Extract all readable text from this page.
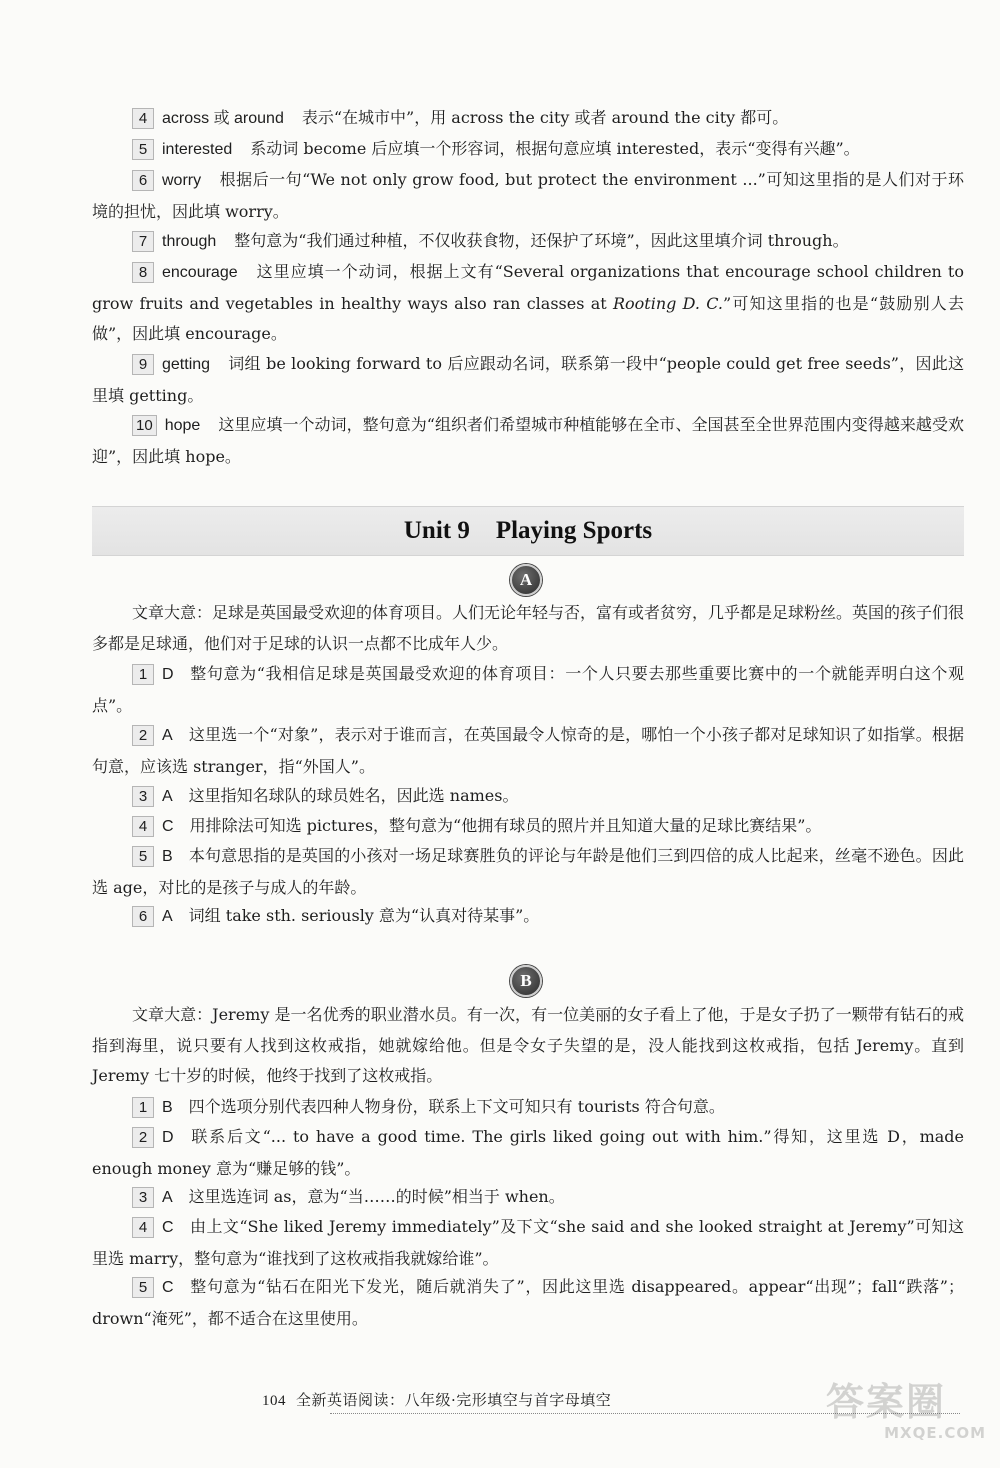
4 across 或 around 表示“在城市中”，用 across the city 或者 around the city 都可。

5 interested 系动词 become 后应填一个形容词，根据句意应填 interested，表示“变得有兴趣”。

6 worry 根据后一句“We not only grow food, but protect the environment ...”可知这里指的是人们对于环境的担忧，因此填 worry。

7 through 整句意为“我们通过种植，不仅收获食物，还保护了环境”，因此这里填介词 through。

8 encourage 这里应填一个动词，根据上文有“Several organizations that encourage school children to grow fruits and vegetables in healthy ways also ran classes at Rooting D. C.”可知这里指的也是“鼓励别人去做”，因此填 encourage。

9 getting 词组 be looking forward to 后应跟动名词，联系第一段中“people could get free seeds”，因此这里填 getting。

10 hope 这里应填一个动词，整句意为“组织者们希望城市种植能够在全市、全国甚至全世界范围内变得越来越受欢迎”，因此填 hope。

Unit 9 Playing Sports
A

文章大意：足球是英国最受欢迎的体育项目。人们无论年轻与否，富有或者贫穷，几乎都是足球粉丝。英国的孩子们很多都是足球通，他们对于足球的认识一点都不比成年人少。

1 D 整句意为“我相信足球是英国最受欢迎的体育项目：一个人只要去那些重要比赛中的一个就能弄明白这个观点”。

2 A 这里选一个“对象”，表示对于谁而言，在英国最令人惊奇的是，哪怕一个小孩子都对足球知识了如指掌。根据句意，应该选 stranger，指“外国人”。

3 A 这里指知名球队的球员姓名，因此选 names。

4 C 用排除法可知选 pictures，整句意为“他拥有球员的照片并且知道大量的足球比赛结果”。

5 B 本句意思指的是英国的小孩对一场足球赛胜负的评论与年龄是他们三到四倍的成人比起来，丝毫不逊色。因此选 age，对比的是孩子与成人的年龄。

6 A 词组 take sth. seriously 意为“认真对待某事”。

B

文章大意：Jeremy 是一名优秀的职业潜水员。有一次，有一位美丽的女子看上了他，于是女子扔了一颗带有钻石的戒指到海里，说只要有人找到这枚戒指，她就嫁给他。但是令女子失望的是，没人能找到这枚戒指，包括 Jeremy。直到 Jeremy 七十岁的时候，他终于找到了这枚戒指。

1 B 四个选项分别代表四种人物身份，联系上下文可知只有 tourists 符合句意。

2 D 联系后文“... to have a good time. The girls liked going out with him.”得知，这里选 D，made enough money 意为“赚足够的钱”。

3 A 这里选连词 as，意为“当……的时候”相当于 when。

4 C 由上文“She liked Jeremy immediately”及下文“she said and she looked straight at Jeremy”可知这里选 marry，整句意为“谁找到了这枚戒指我就嫁给谁”。

5 C 整句意为“钻石在阳光下发光，随后就消失了”，因此这里选 disappeared。appear“出现”；fall“跌落”；drown“淹死”，都不适合在这里使用。

104 全新英语阅读：八年级·完形填空与首字母填空	答案圈
MXQE.COM
